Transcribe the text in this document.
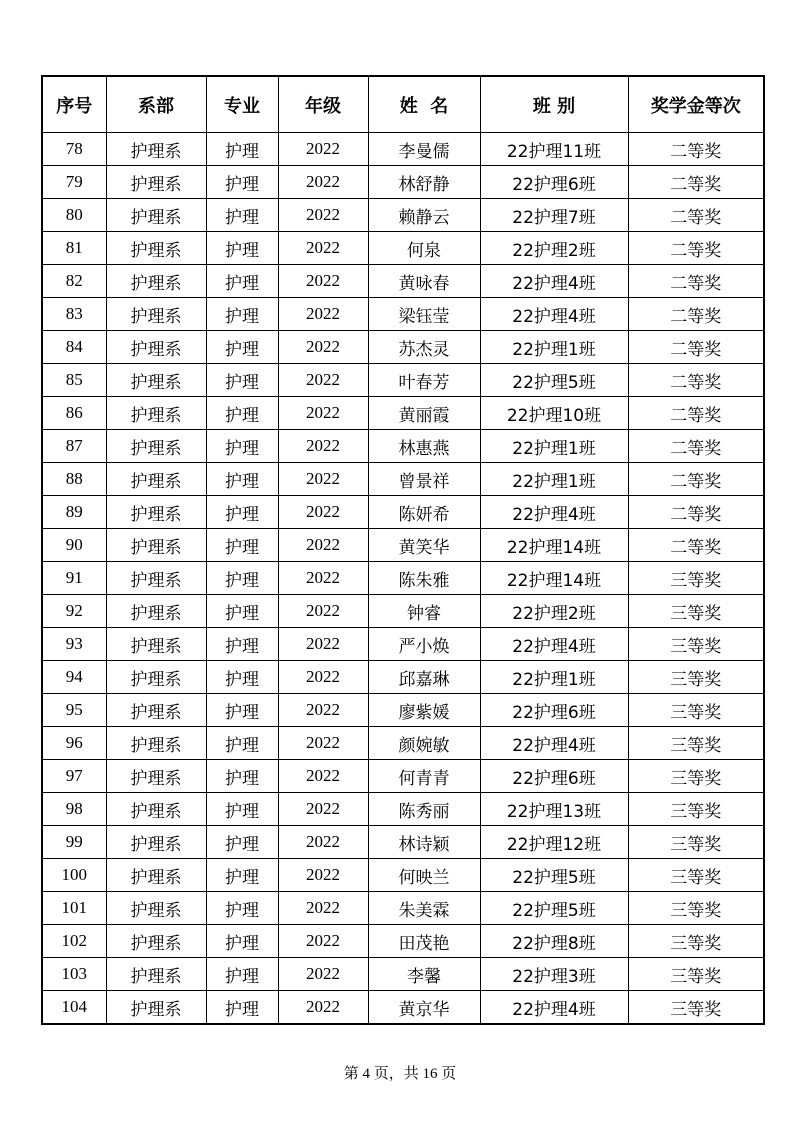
序号	系部	专业	年级	姓  名	班 别	奖学金等次
78	护理系	护理	2022	李曼儒	22护理11班	二等奖
79	护理系	护理	2022	林舒静	22护理6班	二等奖
80	护理系	护理	2022	赖静云	22护理7班	二等奖
81	护理系	护理	2022	何泉	22护理2班	二等奖
82	护理系	护理	2022	黄咏春	22护理4班	二等奖
83	护理系	护理	2022	梁钰莹	22护理4班	二等奖
84	护理系	护理	2022	苏杰灵	22护理1班	二等奖
85	护理系	护理	2022	叶春芳	22护理5班	二等奖
86	护理系	护理	2022	黄丽霞	22护理10班	二等奖
87	护理系	护理	2022	林惠燕	22护理1班	二等奖
88	护理系	护理	2022	曾景祥	22护理1班	二等奖
89	护理系	护理	2022	陈妍希	22护理4班	二等奖
90	护理系	护理	2022	黄笑华	22护理14班	二等奖
91	护理系	护理	2022	陈朱雅	22护理14班	三等奖
92	护理系	护理	2022	钟睿	22护理2班	三等奖
93	护理系	护理	2022	严小焕	22护理4班	三等奖
94	护理系	护理	2022	邱嘉琳	22护理1班	三等奖
95	护理系	护理	2022	廖紫媛	22护理6班	三等奖
96	护理系	护理	2022	颜婉敏	22护理4班	三等奖
97	护理系	护理	2022	何青青	22护理6班	三等奖
98	护理系	护理	2022	陈秀丽	22护理13班	三等奖
99	护理系	护理	2022	林诗颖	22护理12班	三等奖
100	护理系	护理	2022	何映兰	22护理5班	三等奖
101	护理系	护理	2022	朱美霖	22护理5班	三等奖
102	护理系	护理	2022	田茂艳	22护理8班	三等奖
103	护理系	护理	2022	李馨	22护理3班	三等奖
104	护理系	护理	2022	黄京华	22护理4班	三等奖
第 4 页，共 16 页
